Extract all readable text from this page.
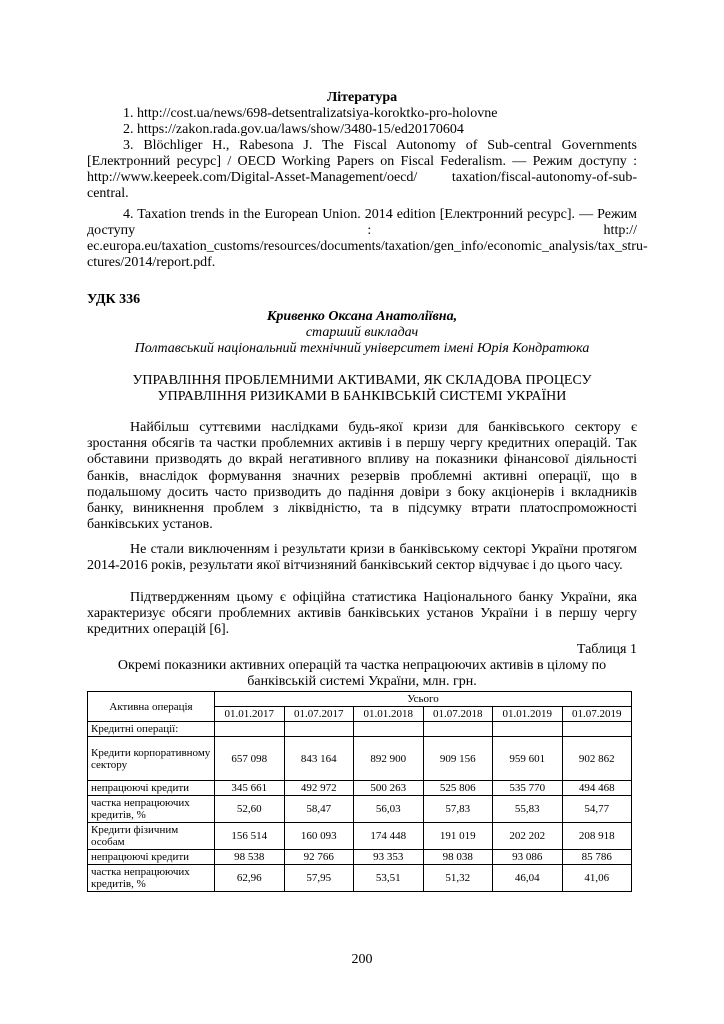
Література
1. http://cost.ua/news/698-detsentralizatsiya-koroktko-pro-holovne
2. https://zakon.rada.gov.ua/laws/show/3480-15/ed20170604
3. Blöchliger H., Rabesona J. The Fiscal Autonomy of Sub-central Governments [Електронний ресурс] / OECD Working Papers on Fiscal Federalism. — Режим доступу : http://www.keepeek.com/Digital-Asset-Management/oecd/ taxation/fiscal-autonomy-of-sub-central.
4. Taxation trends in the European Union. 2014 edition [Електронний ресурс]. — Режим доступу : http:// ec.europa.eu/taxation_customs/resources/documents/taxation/gen_info/economic_analysis/tax_stru-ctures/2014/report.pdf.
УДК 336
Кривенко Оксана Анатоліївна,
старший викладач
Полтавський національний технічний університет імені Юрія Кондратюка
УПРАВЛІННЯ ПРОБЛЕМНИМИ АКТИВАМИ, ЯК СКЛАДОВА ПРОЦЕСУ УПРАВЛІННЯ РИЗИКАМИ В БАНКІВСЬКІЙ СИСТЕМІ УКРАЇНИ
Найбільш суттєвими наслідками будь-якої кризи для банківського сектору є зростання обсягів та частки проблемних активів і в першу чергу кредитних операцій. Так обставини призводять до вкрай негативного впливу на показники фінансової діяльності банків, внаслідок формування значних резервів проблемні активні операції, що в подальшому досить часто призводить до падіння довіри з боку акціонерів і вкладників банку, виникнення проблем з ліквідністю, та в підсумку втрати платоспроможності банківських установ.
Не стали виключенням і результати кризи в банківському секторі України протягом 2014-2016 років, результати якої вітчизняний банківський сектор відчуває і до цього часу.
Підтвердженням цьому є офіційна статистика Національного банку України, яка характеризує обсяги проблемних активів банківських установ України і в першу чергу кредитних операцій [6].
Таблиця 1
Окремі показники активних операцій та частка непрацюючих активів в цілому по банківській системі України, млн. грн.
Активна операція	Усього					
	01.01.2017	01.07.2017	01.01.2018	01.07.2018	01.01.2019	01.07.2019
Кредитні операції:						
Кредити корпоративному сектору	657 098	843 164	892 900	909 156	959 601	902 862
непрацюючі кредити	345 661	492 972	500 263	525 806	535 770	494 468
частка непрацюючих кредитів, %	52,60	58,47	56,03	57,83	55,83	54,77
Кредити фізичним особам	156 514	160 093	174 448	191 019	202 202	208 918
непрацюючі кредити	98 538	92 766	93 353	98 038	93 086	85 786
частка непрацюючих кредитів, %	62,96	57,95	53,51	51,32	46,04	41,06
200
